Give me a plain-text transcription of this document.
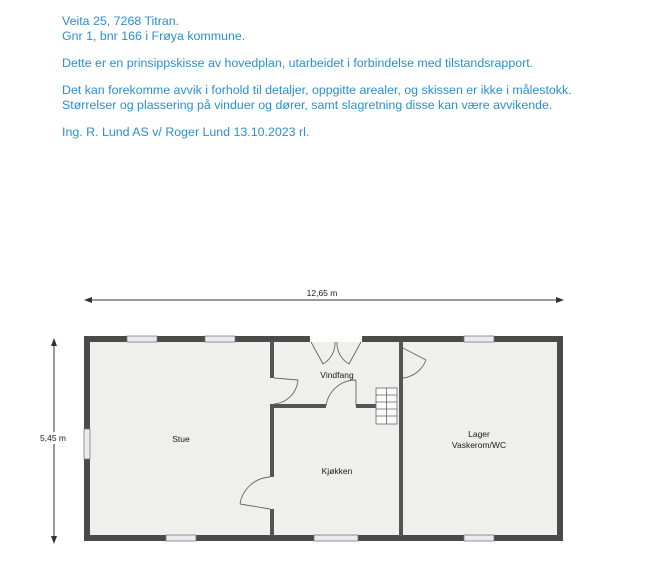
Veita 25, 7268 Titran.

Gnr 1, bnr 166 i Frøya kommune.

Dette er en prinsippskisse av hovedplan, utarbeidet i forbindelse med tilstandsrapport.

Det kan forekomme avvik i forhold til detaljer, oppgitte arealer, og skissen er ikke i målestokk.

Størrelser og plassering på vinduer og dører, samt slagretning disse kan være avvikende.

Ing. R. Lund AS v/ Roger Lund 13.10.2023 rl.

12,65 m
5,45 m	Stue
Vindfang
Kjøkken
Lager
Vaskerom/WC
